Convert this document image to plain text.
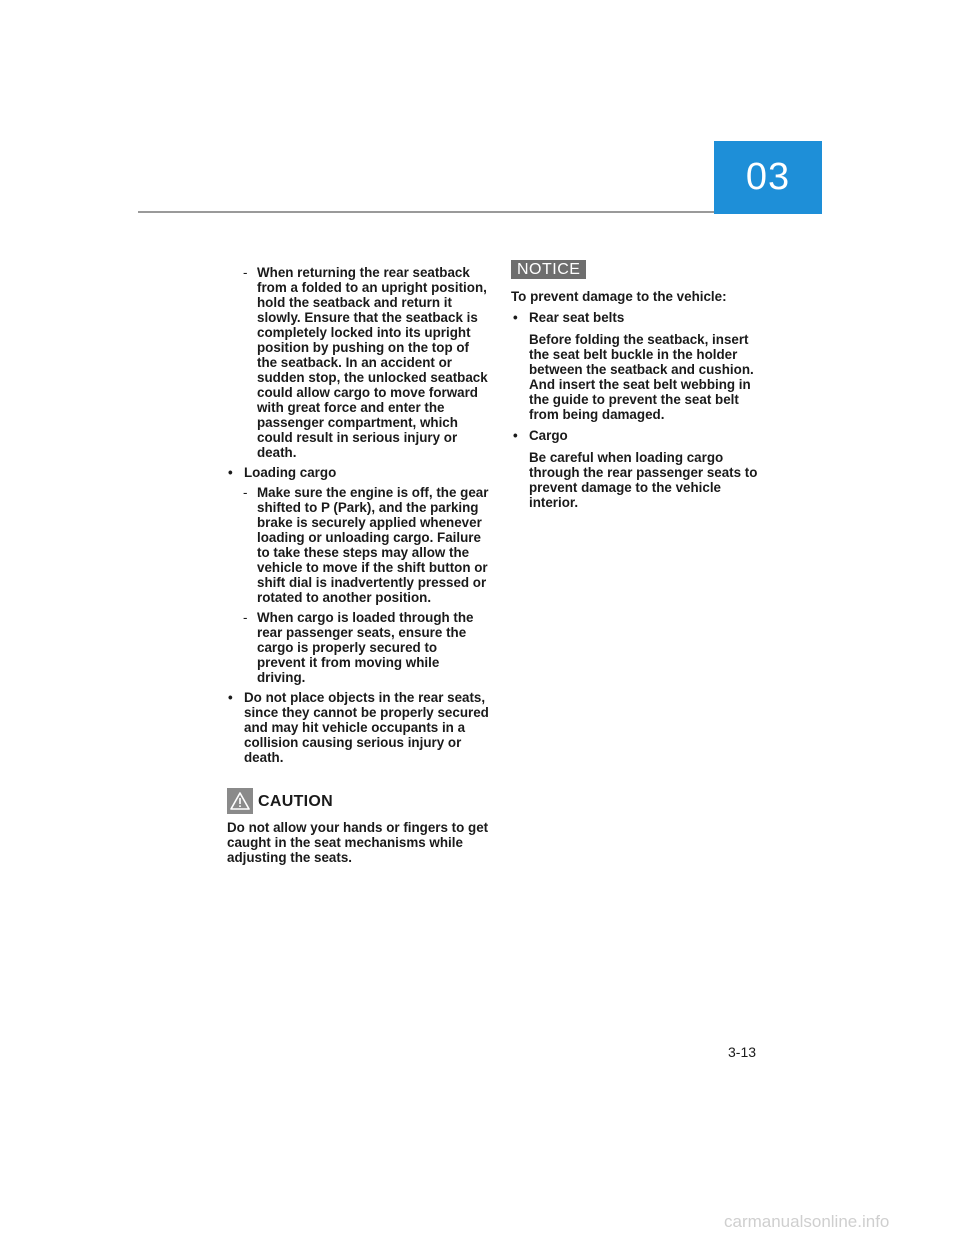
03
- When returning the rear seatback from a folded to an upright position, hold the seatback and return it slowly. Ensure that the seatback is completely locked into its upright position by pushing on the top of the seatback. In an accident or sudden stop, the unlocked seatback could allow cargo to move forward with great force and enter the passenger compartment, which could result in serious injury or death.
• Loading cargo
- Make sure the engine is off, the gear shifted to P (Park), and the parking brake is securely applied whenever loading or unloading cargo. Failure to take these steps may allow the vehicle to move if the shift button or shift dial is inadvertently pressed or rotated to another position.
- When cargo is loaded through the rear passenger seats, ensure the cargo is properly secured to prevent it from moving while driving.
• Do not place objects in the rear seats, since they cannot be properly secured and may hit vehicle occupants in a collision causing serious injury or death.
CAUTION
Do not allow your hands or fingers to get caught in the seat mechanisms while adjusting the seats.
NOTICE
To prevent damage to the vehicle:
• Rear seat belts
Before folding the seatback, insert the seat belt buckle in the holder between the seatback and cushion. And insert the seat belt webbing in the guide to prevent the seat belt from being damaged.
• Cargo
Be careful when loading cargo through the rear passenger seats to prevent damage to the vehicle interior.
3-13
carmanualsonline.info
